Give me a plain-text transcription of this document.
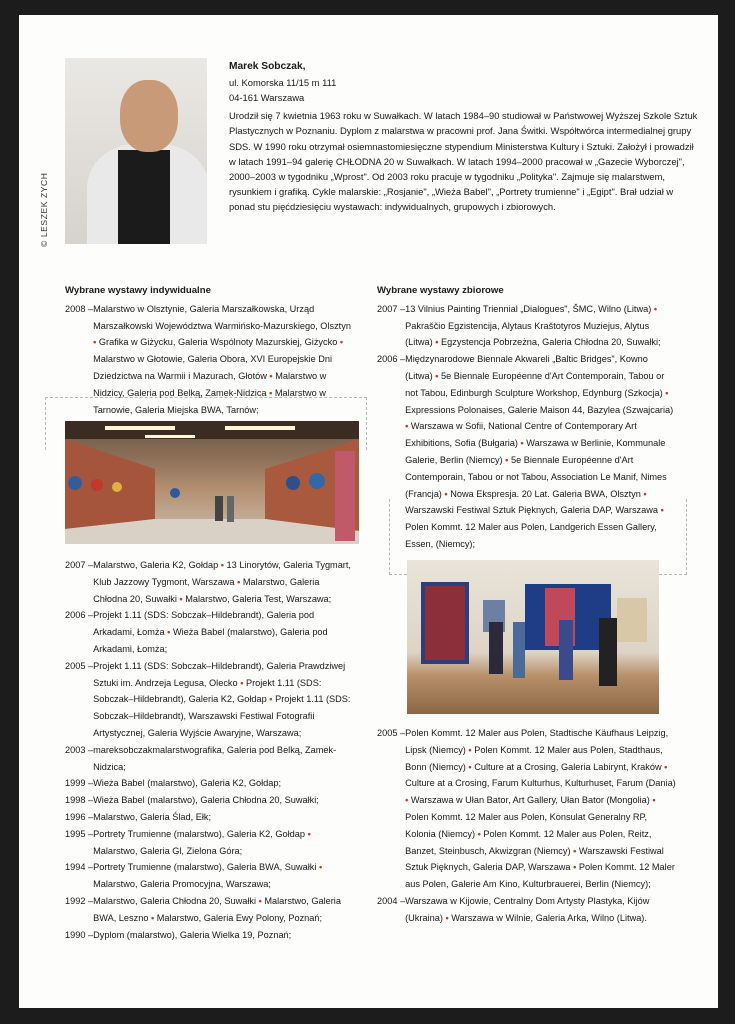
© LESZEK ZYCH
Marek Sobczak,
ul. Komorska 11/15 m 111
04-161 Warszawa
Urodził się 7 kwietnia 1963 roku w Suwałkach. W latach 1984–90 studiował w Państwowej Wyższej Szkole Sztuk Plastycznych w Poznaniu. Dyplom z malarstwa w pracowni prof. Jana Świtki. Współtwórca intermedialnej grupy SDS. W 1990 roku otrzymał osiemnastomiesięczne stypendium Ministerstwa Kultury i Sztuki. Założył i prowadził w latach 1991–94 galerię CHŁODNA 20 w Suwałkach. W latach 1994–2000 pracował w „Gazecie Wyborczej", 2000–2003 w tygodniku „Wprost". Od 2003 roku pracuje w tygodniku „Polityka". Zajmuje się malarstwem, rysunkiem i grafiką. Cykle malarskie: „Rosjanie", „Wieża Babel", „Portrety trumienne" i „Egipt". Brał udział w ponad stu pięćdziesięciu wystawach: indywidualnych, grupowych i zbiorowych.
Wybrane wystawy indywidualne
2008 – Malarstwo w Olsztynie, Galeria Marszałkowska, Urząd Marszałkowski Województwa Warmińsko-Mazurskiego, Olsztyn • Grafika w Giżycku, Galeria Wspólnoty Mazurskiej, Giżycko • Malarstwo w Głotowie, Galeria Obora, XVI Europejskie Dni Dziedzictwa na Warmii i Mazurach, Głotów • Malarstwo w Nidzicy, Galeria pod Belką, Zamek-Nidzica • Malarstwo w Tarnowie, Galeria Miejska BWA, Tarnów;
2007 – Malarstwo, Galeria K2, Gołdap • 13 Linorytów, Galeria Tygmart, Klub Jazzowy Tygmont, Warszawa • Malarstwo, Galeria Chłodna 20, Suwałki • Malarstwo, Galeria Test, Warszawa;
2006 – Projekt 1.11 (SDS: Sobczak–Hildebrandt), Galeria pod Arkadami, Łomża • Wieża Babel (malarstwo), Galeria pod Arkadami, Łomża;
2005 – Projekt 1.11 (SDS: Sobczak–Hildebrandt), Galeria Prawdziwej Sztuki im. Andrzeja Legusa, Olecko • Projekt 1.11 (SDS: Sobczak–Hildebrandt), Galeria K2, Gołdap • Projekt 1.11 (SDS: Sobczak–Hildebrandt), Warszawski Festiwal Fotografii Artystycznej, Galeria Wyjście Awaryjne, Warszawa;
2003 – mareksobczakmalarstwografika, Galeria pod Belką, Zamek-Nidzica;
1999 – Wieża Babel (malarstwo), Galeria K2, Gołdap;
1998 – Wieża Babel (malarstwo), Galeria Chłodna 20, Suwałki;
1996 – Malarstwo, Galeria Ślad, Ełk;
1995 – Portrety Trumienne (malarstwo), Galeria K2, Gołdap • Malarstwo, Galeria Gl, Zielona Góra;
1994 – Portrety Trumienne (malarstwo), Galeria BWA, Suwałki • Malarstwo, Galeria Promocyjna, Warszawa;
1992 – Malarstwo, Galeria Chłodna 20, Suwałki • Malarstwo, Galeria BWA, Leszno • Malarstwo, Galeria Ewy Polony, Poznań;
1990 – Dyplom (malarstwo), Galeria Wielka 19, Poznań;
Wybrane wystawy zbiorowe
2007 – 13 Vilnius Painting Triennial „Dialogues", ŠMC, Wilno (Litwa) • Pakraščio Egzistencija, Alytaus Kraštotyros Muziejus, Alytus (Litwa) • Egzystencja Pobrzeżna, Galeria Chłodna 20, Suwałki;
2006 – Międzynarodowe Biennale Akwareli „Baltic Bridges", Kowno (Litwa) • 5e Biennale Européenne d'Art Contemporain, Tabou or not Tabou, Edinburgh Sculpture Workshop, Edynburg (Szkocja) • Expressions Polonaises, Galerie Maison 44, Bazylea (Szwajcaria) • Warszawa w Sofii, National Centre of Contemporary Art Exhibitions, Sofia (Bułgaria) • Warszawa w Berlinie, Kommunale Galerie, Berlin (Niemcy) • 5e Biennale Européenne d'Art Contemporain, Tabou or not Tabou, Association Le Manif, Nimes (Francja) • Nowa Ekspresja. 20 Lat. Galeria BWA, Olsztyn • Warszawski Festiwal Sztuk Pięknych, Galeria DAP, Warszawa • Polen Kommt. 12 Maler aus Polen, Landgerich Essen Gallery, Essen, (Niemcy);
2005 – Polen Kommt. 12 Maler aus Polen, Stadtische Käufhaus Leipzig, Lipsk (Niemcy) • Polen Kommt. 12 Maler aus Polen, Stadthaus, Bonn (Niemcy) • Culture at a Crosing, Galeria Labirynt, Kraków • Culture at a Crosing, Farum Kulturhus, Kulturhuset, Farum (Dania) • Warszawa w Ułan Bator, Art Gallery, Ułan Bator (Mongolia) • Polen Kommt. 12 Maler aus Polen, Konsulat Generalny RP, Kolonia (Niemcy) • Polen Kommt. 12 Maler aus Polen, Reitz, Banzet, Steinbusch, Akwizgran (Niemcy) • Warszawski Festiwal Sztuk Pięknych, Galeria DAP, Warszawa • Polen Kommt. 12 Maler aus Polen, Galerie Am Kino, Kulturbrauerei, Berlin (Niemcy);
2004 – Warszawa w Kijowie, Centralny Dom Artysty Plastyka, Kijów (Ukraina) • Warszawa w Wilnie, Galeria Arka, Wilno (Litwa).
